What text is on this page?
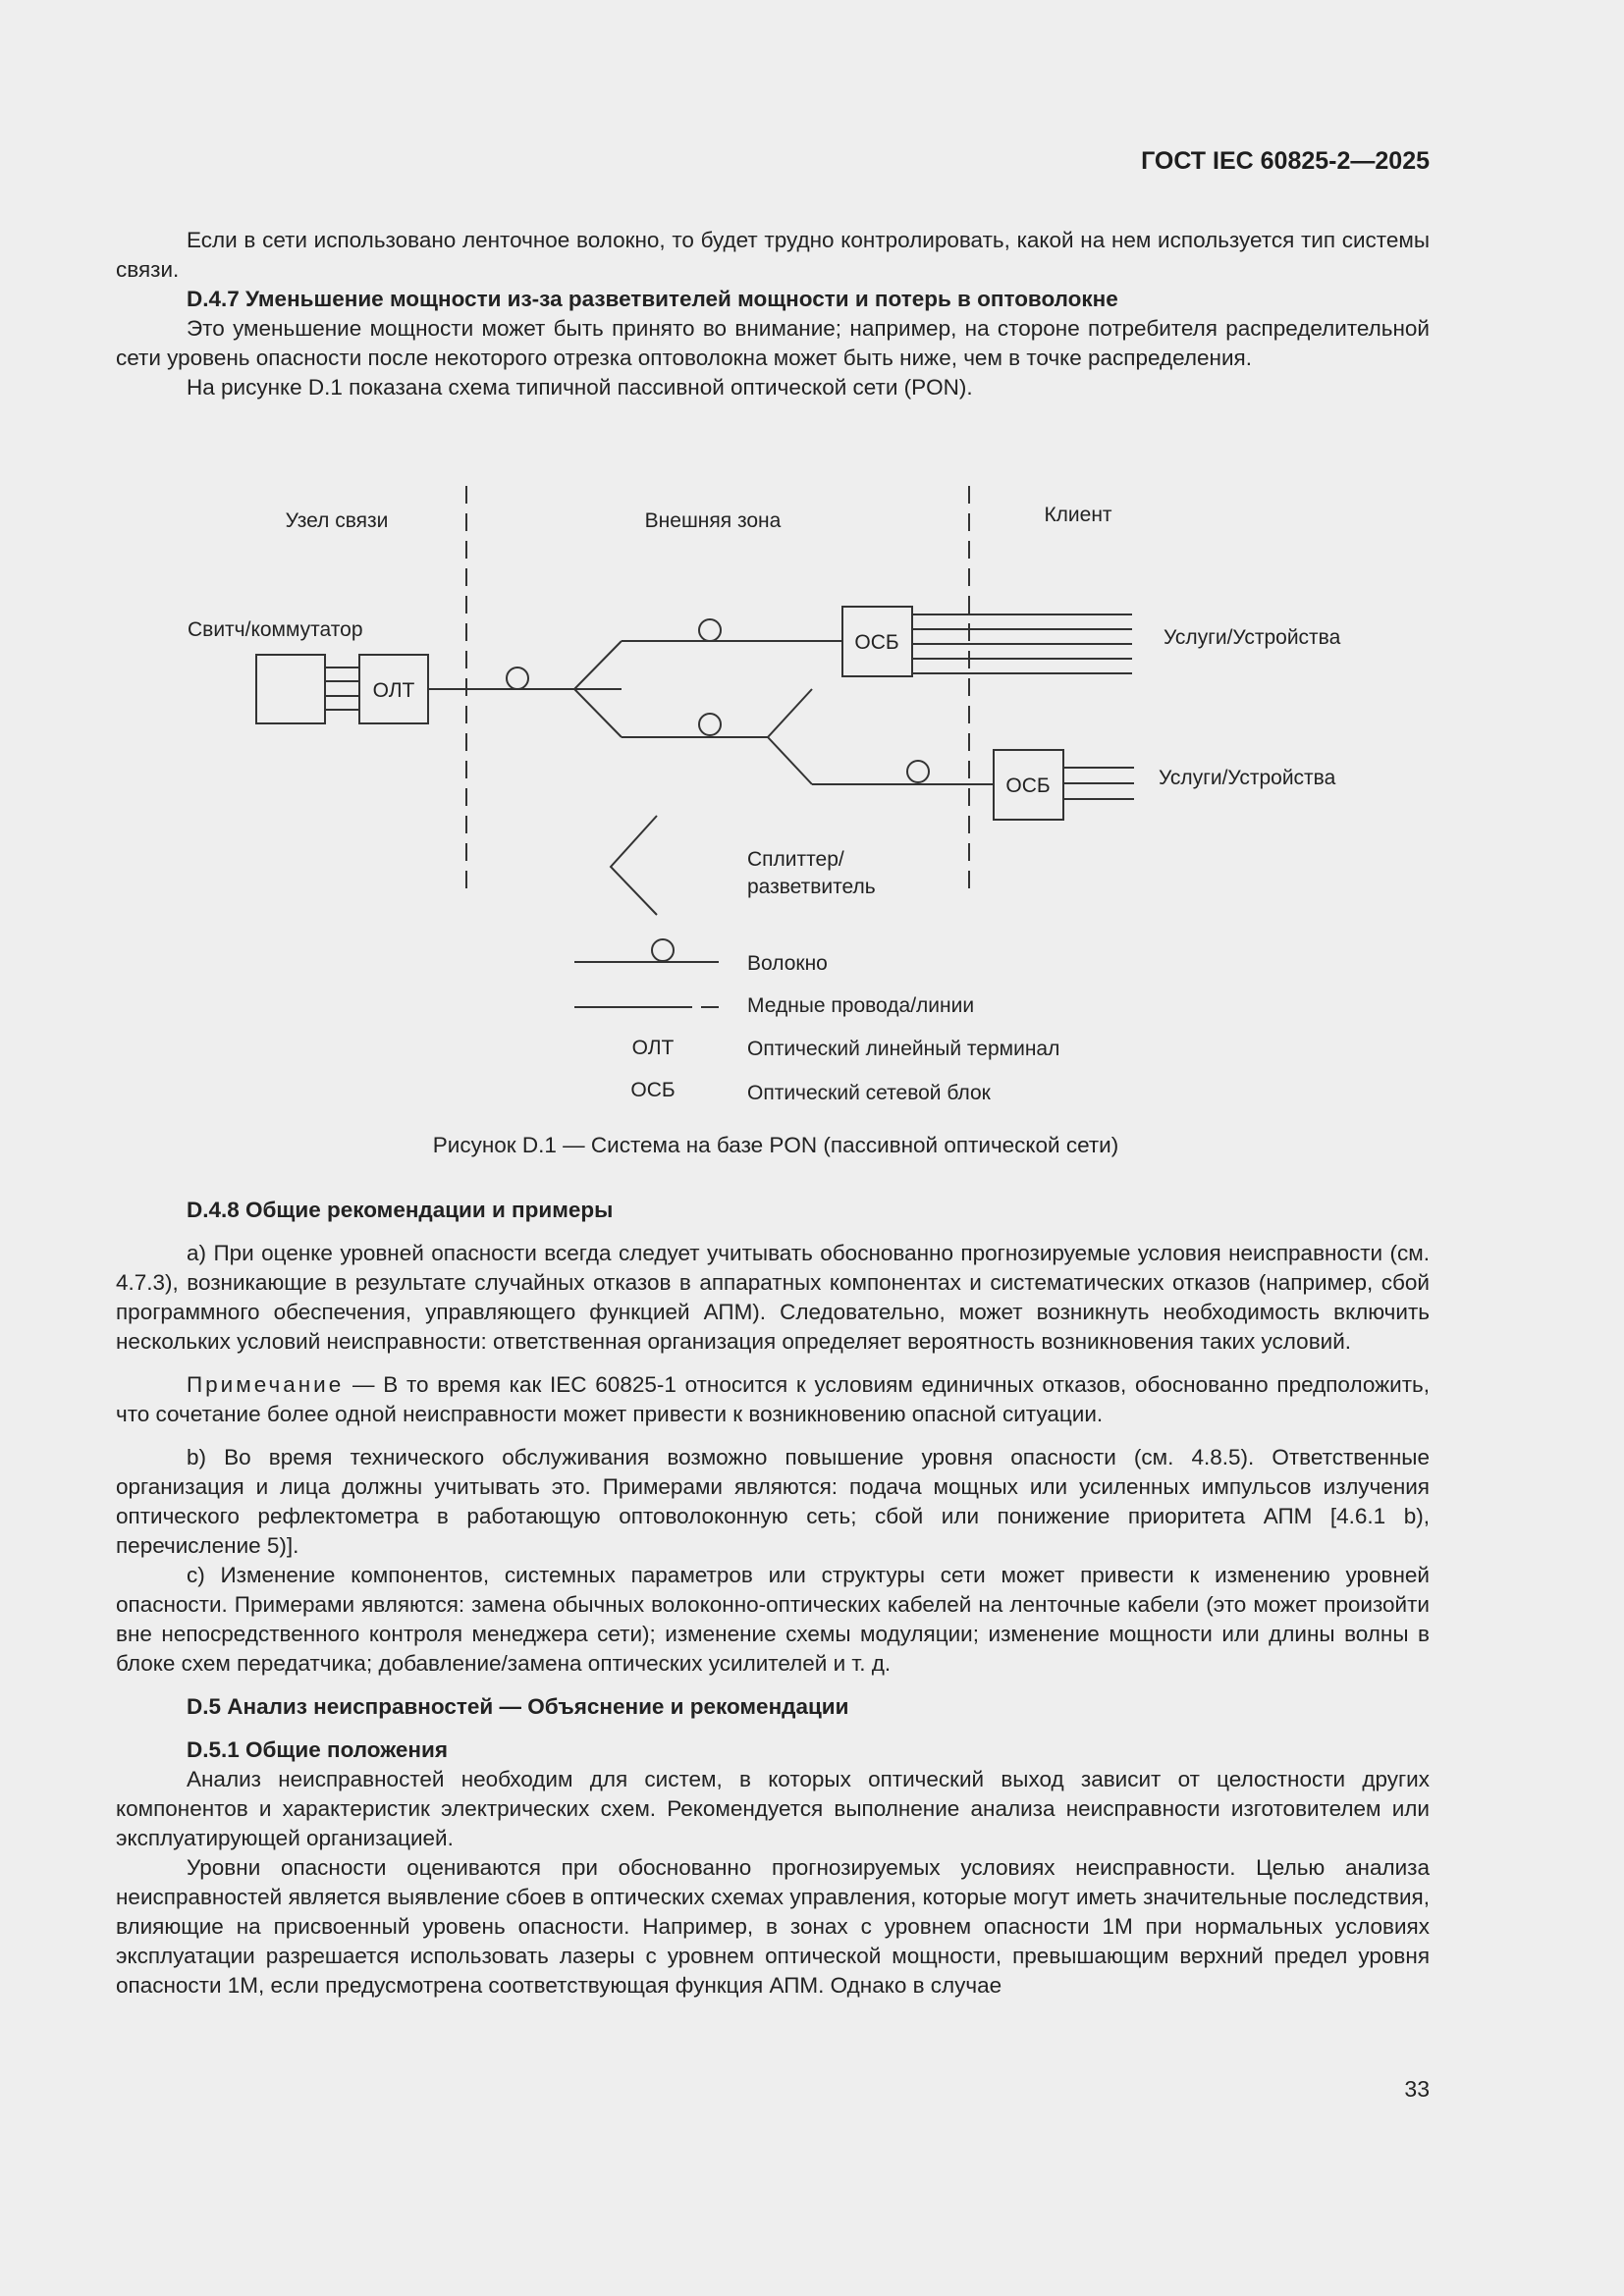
ГОСТ IEC 60825-2—2025

Если в сети использовано ленточное волокно, то будет трудно контролировать, какой на нем используется тип системы связи.

D.4.7 Уменьшение мощности из-за разветвителей мощности и потерь в оптоволокне

Это уменьшение мощности может быть принято во внимание; например, на стороне потребителя распределительной сети уровень опасности после некоторого отрезка оптоволокна может быть ниже, чем в точке распределения.

На рисунке D.1 показана схема типичной пассивной оптической сети (PON).

Узел связи	Внешняя зона	Клиент
Свитч/коммутатор
ОЛТ
ОСБ	Услуги/Устройства
ОСБ	Услуги/Устройства
Сплиттер/
разветвитель
Волокно
Медные провода/линии
ОЛТ	Оптический линейный терминал
ОСБ	Оптический сетевой блок
Рисунок D.1 — Система на базе PON (пассивной оптической сети)

D.4.8 Общие рекомендации и примеры

a) При оценке уровней опасности всегда следует учитывать обоснованно прогнозируемые условия неисправности (см. 4.7.3), возникающие в результате случайных отказов в аппаратных компонентах и систематических отказов (например, сбой программного обеспечения, управляющего функцией АПМ). Следовательно, может возникнуть необходимость включить нескольких условий неисправности: ответственная организация определяет вероятность возникновения таких условий.

Примечание — В то время как IEC 60825-1 относится к условиям единичных отказов, обоснованно предположить, что сочетание более одной неисправности может привести к возникновению опасной ситуации.

b) Во время технического обслуживания возможно повышение уровня опасности (см. 4.8.5). Ответственные организация и лица должны учитывать это. Примерами являются: подача мощных или усиленных импульсов излучения оптического рефлектометра в работающую оптоволоконную сеть; сбой или понижение приоритета АПМ [4.6.1 b), перечисление 5)].

c) Изменение компонентов, системных параметров или структуры сети может привести к изменению уровней опасности. Примерами являются: замена обычных волоконно-оптических кабелей на ленточные кабели (это может произойти вне непосредственного контроля менеджера сети); изменение схемы модуляции; изменение мощности или длины волны в блоке схем передатчика; добавление/замена оптических усилителей и т. д.

D.5 Анализ неисправностей — Объяснение и рекомендации

D.5.1 Общие положения

Анализ неисправностей необходим для систем, в которых оптический выход зависит от целостности других компонентов и характеристик электрических схем. Рекомендуется выполнение анализа неисправности изготовителем или эксплуатирующей организацией.

Уровни опасности оцениваются при обоснованно прогнозируемых условиях неисправности. Целью анализа неисправностей является выявление сбоев в оптических схемах управления, которые могут иметь значительные последствия, влияющие на присвоенный уровень опасности. Например, в зонах с уровнем опасности 1М при нормальных условиях эксплуатации разрешается использовать лазеры с уровнем оптической мощности, превышающим верхний предел уровня опасности 1М, если предусмотрена соответствующая функция АПМ. Однако в случае

33
